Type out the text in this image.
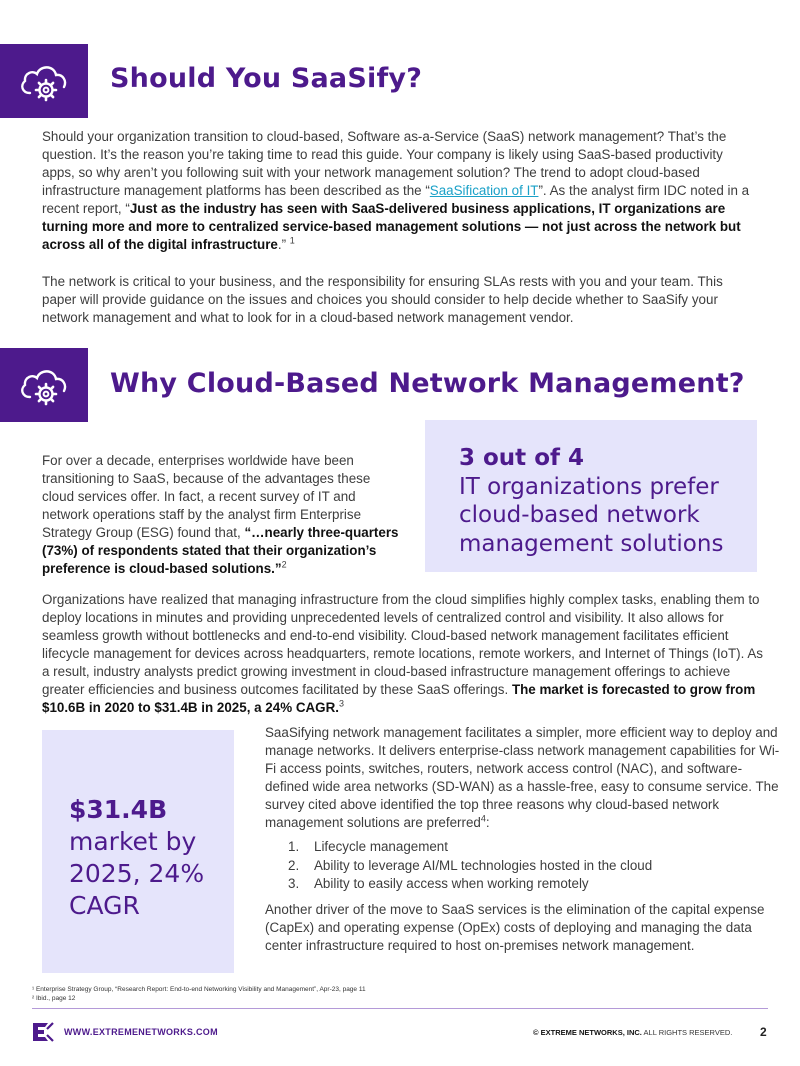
Should You SaaSify?

Should your organization transition to cloud-based, Software as-a-Service (SaaS) network management? That’s the question. It’s the reason you’re taking time to read this guide. Your company is likely using SaaS-based productivity apps, so why aren’t you following suit with your network management solution? The trend to adopt cloud-based infrastructure management platforms has been described as the “SaaSification of IT”. As the analyst firm IDC noted in a recent report, “Just as the industry has seen with SaaS-delivered business applications, IT organizations are turning more and more to centralized service-based management solutions — not just across the network but across all of the digital infrastructure.” $^1$

The network is critical to your business, and the responsibility for ensuring SLAs rests with you and your team. This paper will provide guidance on the issues and choices you should consider to help decide whether to SaaSify your network management and what to look for in a cloud-based network management vendor.

Why Cloud-Based Network Management?

For over a decade, enterprises worldwide have been transitioning to SaaS, because of the advantages these cloud services offer. In fact, a recent survey of IT and network operations staff by the analyst firm Enterprise Strategy Group (ESG) found that, “…nearly three-quarters (73%) of respondents stated that their organization’s preference is cloud-based solutions.”$^2$

3 out of 4
IT organizations prefer cloud-based network management solutions

Organizations have realized that managing infrastructure from the cloud simplifies highly complex tasks, enabling them to deploy locations in minutes and providing unprecedented levels of centralized control and visibility. It also allows for seamless growth without bottlenecks and end-to-end visibility. Cloud-based network management facilitates efficient lifecycle management for devices across headquarters, remote locations, remote workers, and Internet of Things (IoT). As a result, industry analysts predict growing investment in cloud-based infrastructure management offerings to achieve greater efficiencies and business outcomes facilitated by these SaaS offerings. The market is forecasted to grow from $10.6B in 2020 to $31.4B in 2025, a 24% CAGR.$^3$

$31.4B
market by 2025, 24% CAGR

SaaSifying network management facilitates a simpler, more efficient way to deploy and manage networks. It delivers enterprise-class network management capabilities for Wi-Fi access points, switches, routers, network access control (NAC), and software-defined wide area networks (SD-WAN) as a hassle-free, easy to consume service. The survey cited above identified the top three reasons why cloud-based network management solutions are preferred$^4$:

1. Lifecycle management
2. Ability to leverage AI/ML technologies hosted in the cloud
3. Ability to easily access when working remotely

Another driver of the move to SaaS services is the elimination of the capital expense (CapEx) and operating expense (OpEx) costs of deploying and managing the data center infrastructure required to host on-premises network management.

¹ Enterprise Strategy Group, “Research Report: End-to-end Networking Visibility and Management”, Apr-23, page 11
² Ibid., page 12
WWW.EXTREMENETWORKS.COM	© EXTREME NETWORKS, INC. ALL RIGHTS RESERVED. 2
